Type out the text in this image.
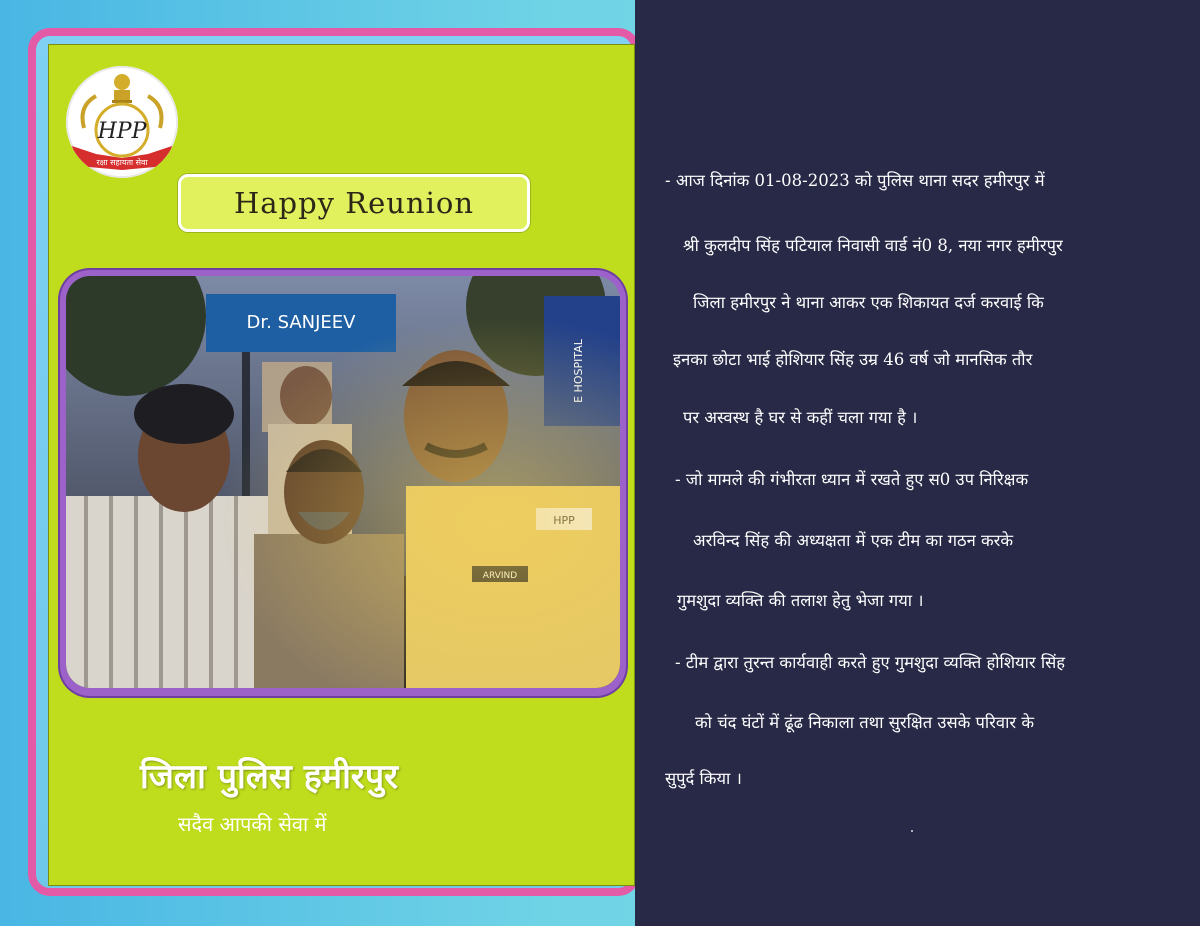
HPP
रक्षा सहायता सेवा
Happy Reunion
जिला पुलिस हमीरपुर
सदैव आपकी सेवा में
- आज दिनांक 01-08-2023 को पुलिस थाना सदर हमीरपुर में
श्री कुलदीप सिंह पटियाल निवासी वार्ड नं0 8, नया नगर हमीरपुर
जिला हमीरपुर ने थाना आकर एक शिकायत दर्ज करवाई कि
इनका छोटा भाई होशियार सिंह उम्र 46 वर्ष जो मानसिक तौर
पर अस्वस्थ है घर से कहीं चला गया है ।
- जो मामले की गंभीरता ध्यान में रखते हुए स0 उप निरिक्षक
अरविन्द सिंह की अध्यक्षता में एक टीम का गठन करके
गुमशुदा व्यक्ति की तलाश हेतु भेजा गया ।
- टीम द्वारा तुरन्त कार्यवाही करते हुए गुमशुदा व्यक्ति होशियार सिंह
को चंद घंटों में ढूंढ निकाला तथा सुरक्षित उसके परिवार के
सुपुर्द किया ।
